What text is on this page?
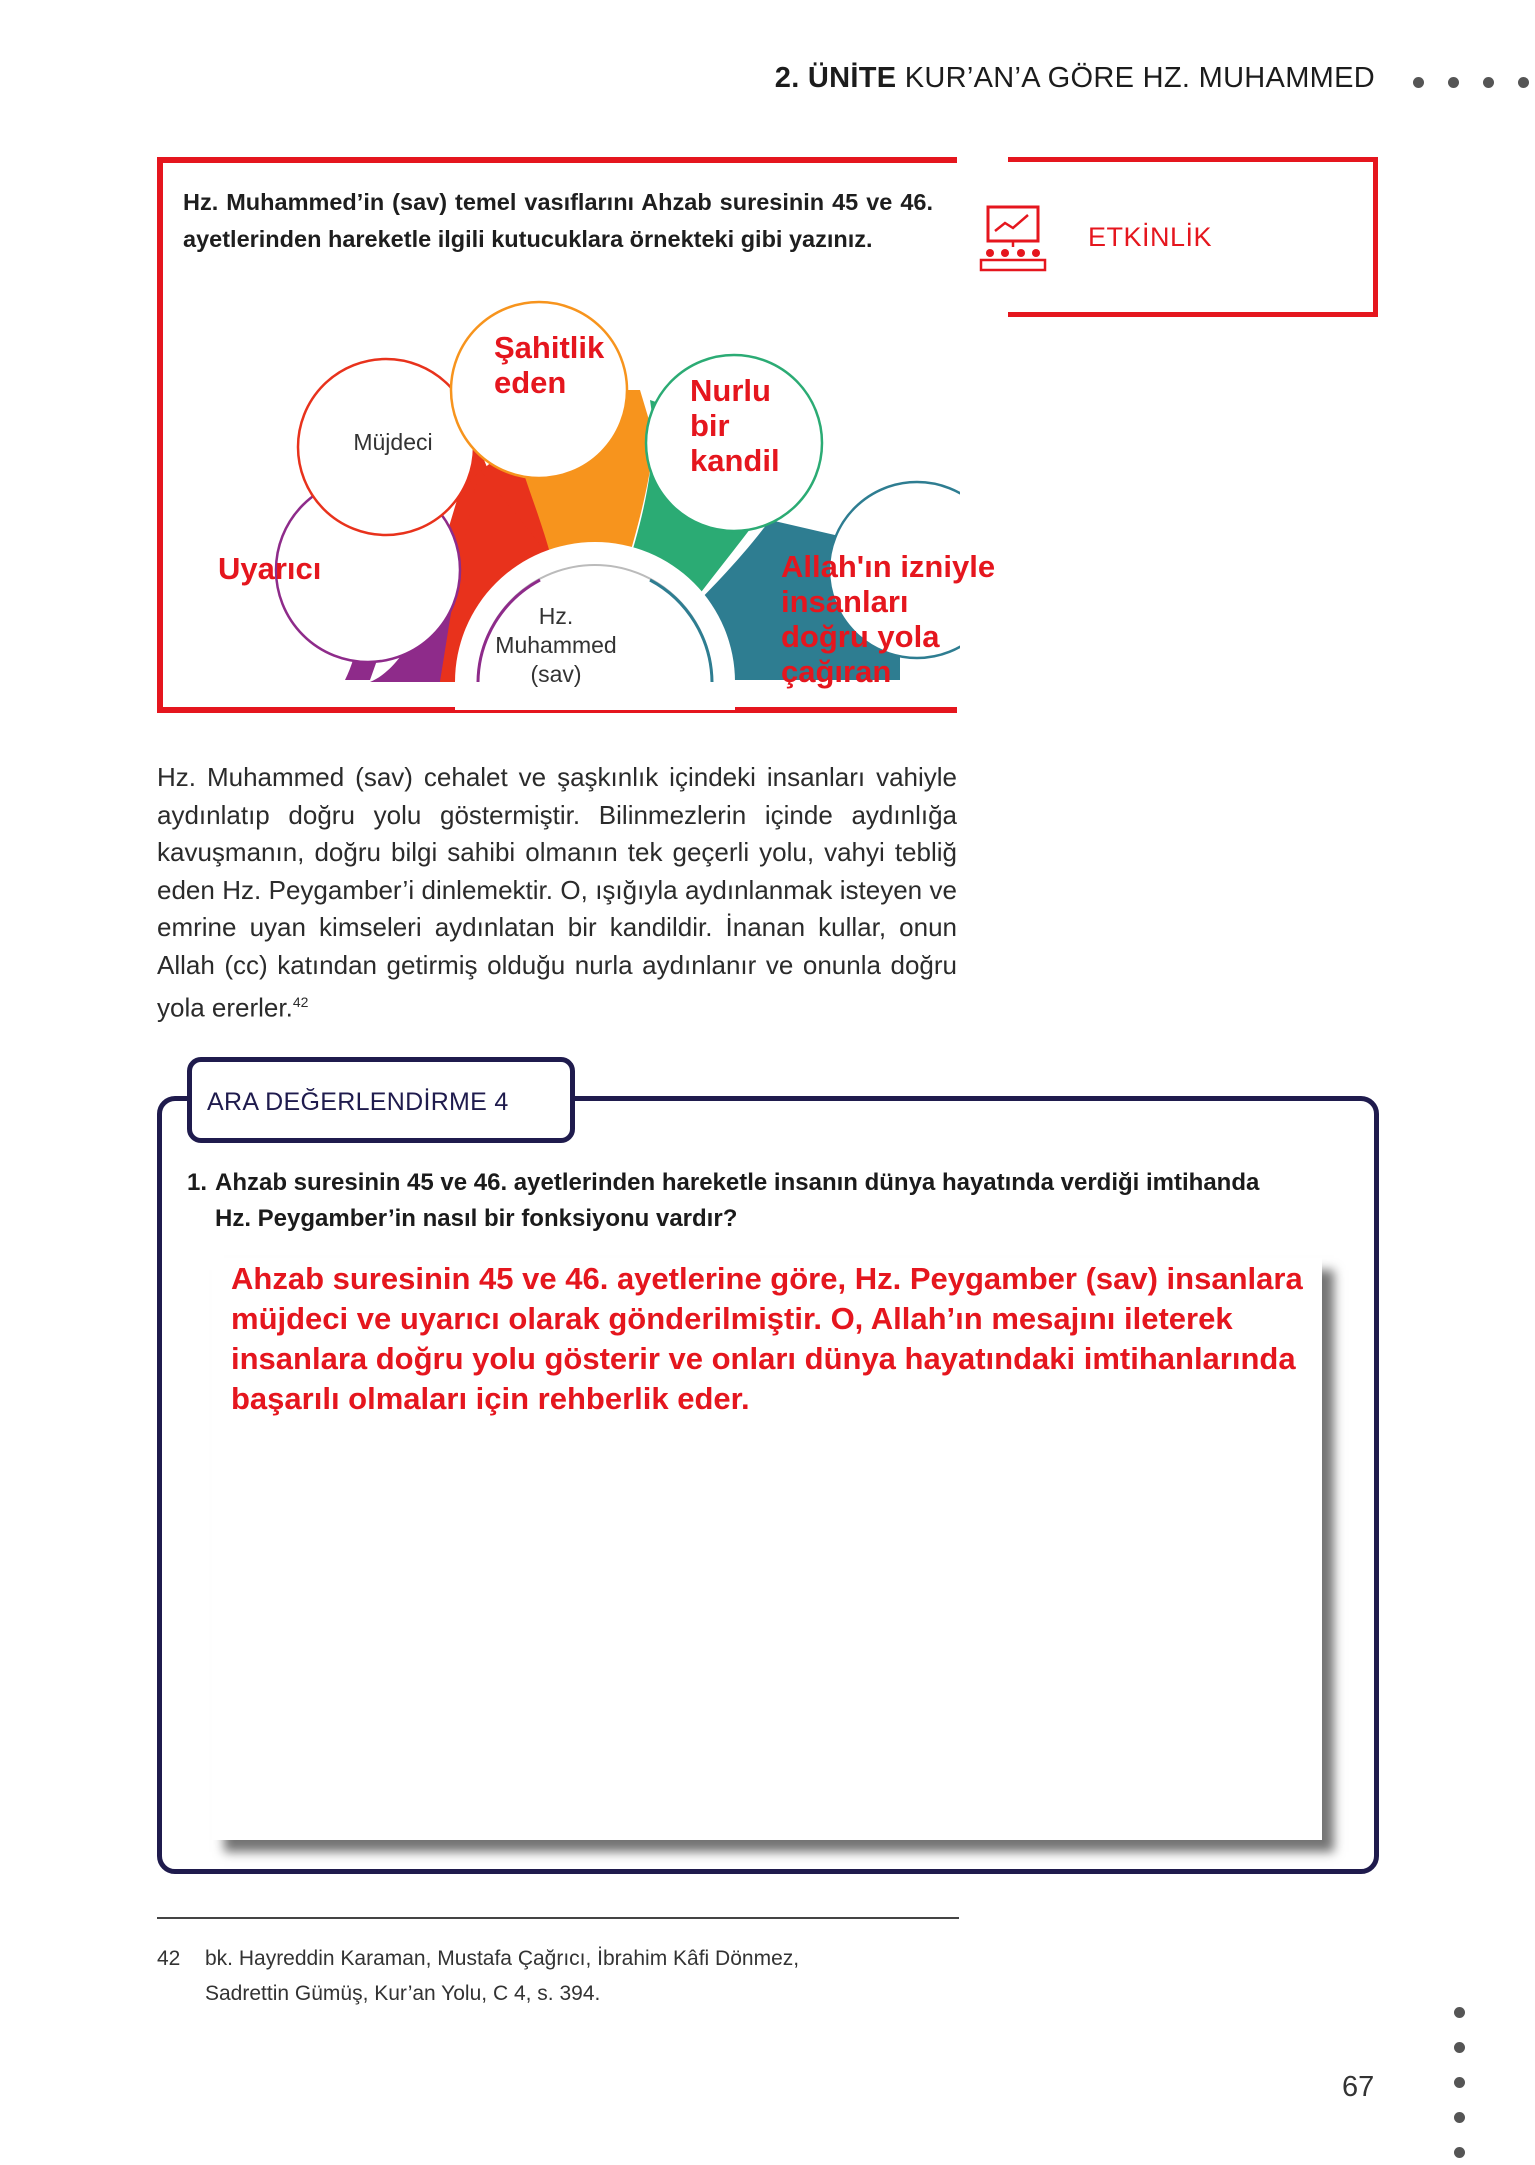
2. ÜNİTE KUR’AN’A GÖRE HZ. MUHAMMED
Hz. Muhammed’in (sav) temel vasıflarını Ahzab suresinin 45 ve 46. ayetlerinden hareketle ilgili kutucuklara örnekteki gibi yazınız.
Müjdeci
Uyarıcı
Şahitlik
eden	Nurlu
bir
kandil
Allah'ın izniyle
insanları
doğru yola
çağıran
Hz.
Muhammed
(sav)
ETKİNLİK
Hz. Muhammed (sav) cehalet ve şaşkınlık içindeki insanları vahiyle aydınlatıp doğru yolu göstermiştir. Bilinmezlerin içinde aydınlığa kavuşmanın, doğru bilgi sahibi olmanın tek geçerli yolu, vahyi tebliğ eden Hz. Peygamber’i dinlemektir. O, ışığıyla aydınlanmak isteyen ve emrine uyan kimseleri aydınlatan bir kandildir. İnanan kullar, onun Allah (cc) katından getirmiş olduğu nurla aydınlanır ve onunla doğru yola ererler.$^{42}$
ARA DEĞERLENDİRME 4
1. Ahzab suresinin 45 ve 46. ayetlerinden hareketle insanın dünya hayatında verdiği imtihanda
Hz. Peygamber’in nasıl bir fonksiyonu vardır?
Ahzab suresinin 45 ve 46. ayetlerine göre, Hz. Peygamber (sav) insanlara müjdeci ve uyarıcı olarak gönderilmiştir. O, Allah’ın mesajını ileterek insanlara doğru yolu gösterir ve onları dünya hayatındaki imtihanlarında başarılı olmaları için rehberlik eder.
42 bk. Hayreddin Karaman, Mustafa Çağrıcı, İbrahim Kâfi Dönmez,
Sadrettin Gümüş, Kur’an Yolu, C 4, s. 394.
67
